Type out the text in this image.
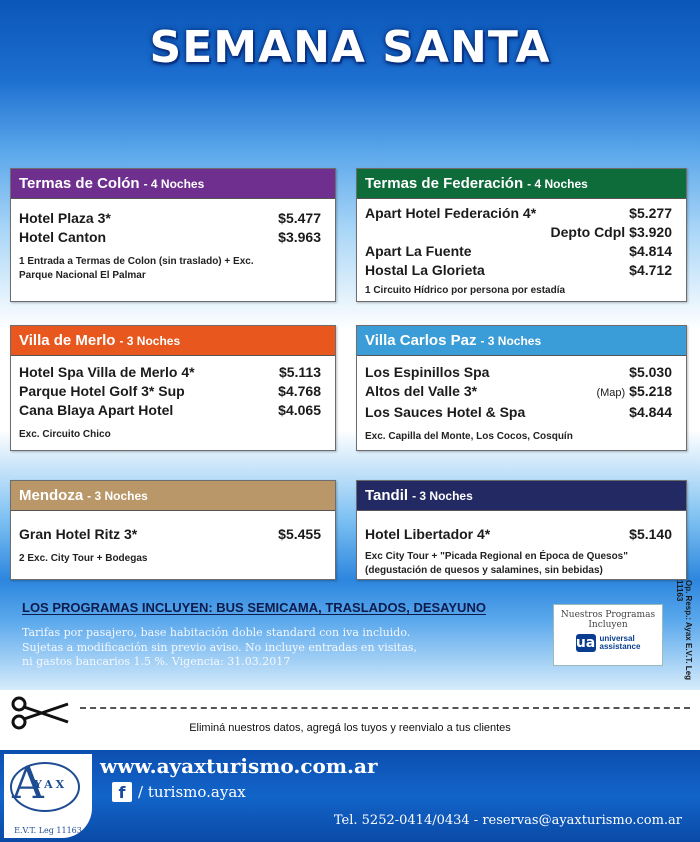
SEMANA SANTA
Termas de Colón - 4 Noches
Hotel Plaza 3*	$5.477
Hotel Canton	$3.963
1 Entrada a Termas de Colon (sin traslado) + Exc. Parque Nacional El Palmar
Termas de Federación - 4 Noches
Apart Hotel Federación 4*	$5.277
Depto Cdpl $3.920
Apart La Fuente	$4.814
Hostal La Glorieta	$4.712
1 Circuito Hídrico por persona por estadía
Villa de Merlo - 3 Noches
Hotel Spa Villa de Merlo 4*	$5.113
Parque Hotel Golf 3* Sup	$4.768
Cana Blaya Apart Hotel	$4.065
Exc. Circuito Chico
Villa Carlos Paz - 3 Noches
Los Espinillos Spa	$5.030
Altos del Valle 3*	(Map) $5.218
Los Sauces Hotel & Spa	$4.844
Exc. Capilla del Monte, Los Cocos, Cosquín
Mendoza - 3 Noches
Gran Hotel Ritz 3*	$5.455
2 Exc. City Tour + Bodegas
Tandil - 3 Noches
Hotel Libertador 4*	$5.140
Exc City Tour + "Picada Regional en Época de Quesos"
(degustación de quesos y salamines, sin bebidas)
LOS PROGRAMAS INCLUYEN: BUS SEMICAMA, TRASLADOS, DESAYUNO
Tarifas por pasajero, base habitación doble standard con iva incluido.
Sujetas a modificación sin previo aviso. No incluye entradas en visitas,
ni gastos bancarios 1.5 %. Vigencia: 31.03.2017
Nuestros Programas
Incluyen
ua universal
assistance	Op. Resp.: Ayax E.V.T. Leg 11163
Eliminá nuestros datos, agregá los tuyos y reenvialo a tus clientes
A
YAX
E.V.T. Leg 11163
www.ayaxturismo.com.ar
f / turismo.ayax
Tel. 5252-0414/0434 - reservas@ayaxturismo.com.ar
